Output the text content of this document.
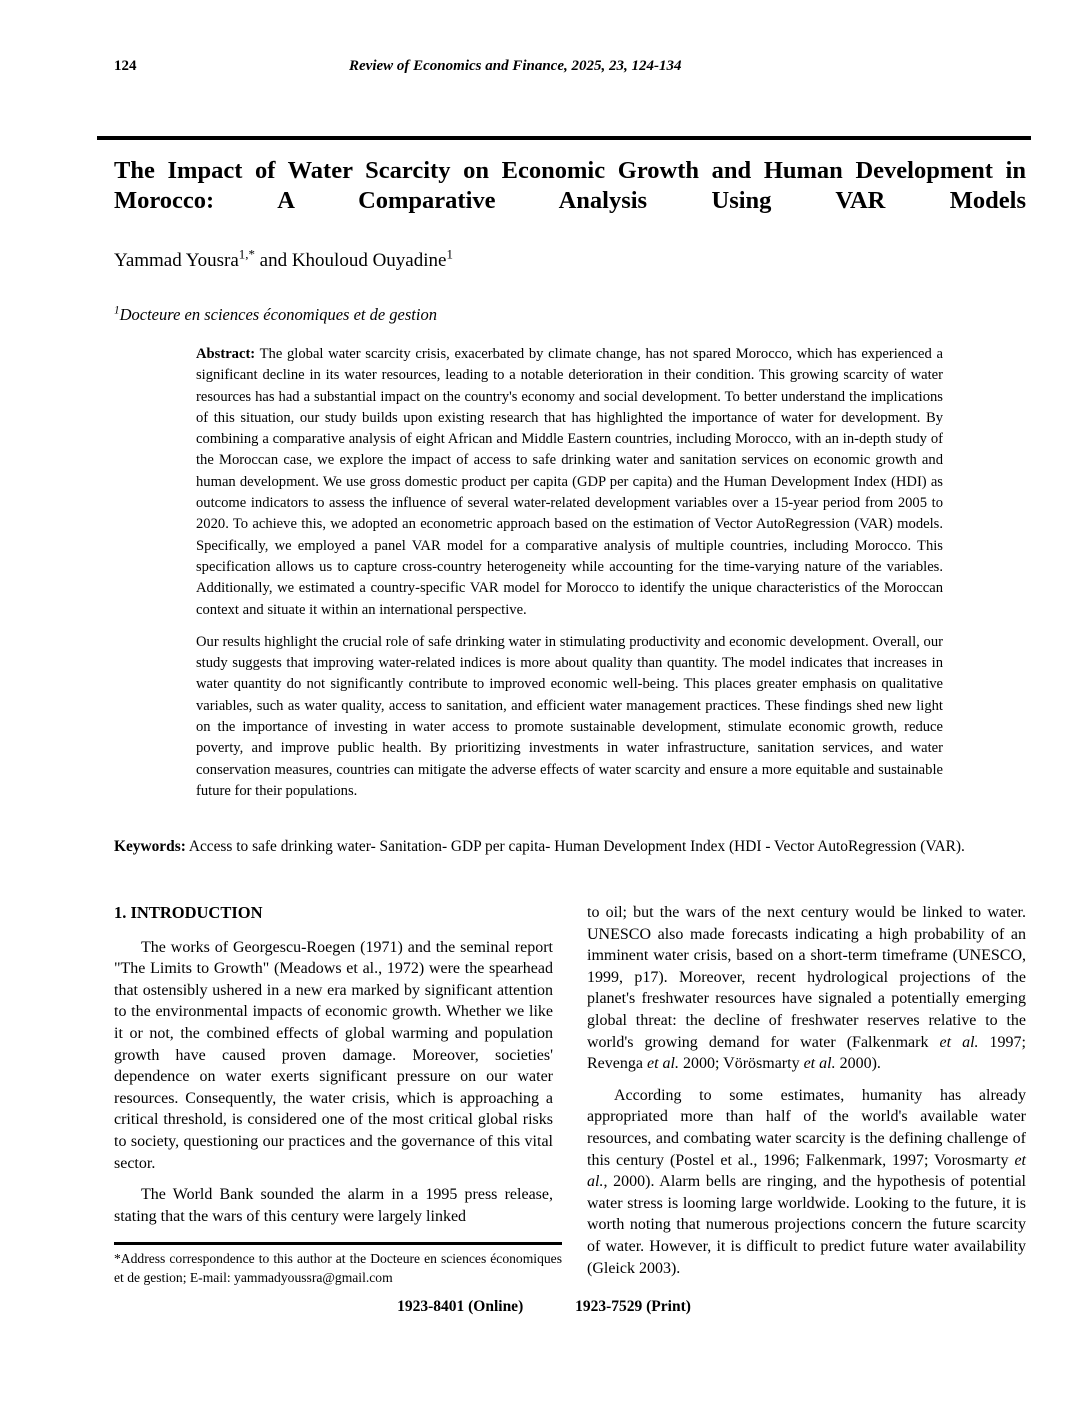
124	Review of Economics and Finance, 2025, 23, 124-134
The Impact of Water Scarcity on Economic Growth and Human Development in Morocco: A Comparative Analysis Using VAR Models
Yammad Yousra$^{1,*}$ and Khouloud Ouyadine$^1$
$^1$Docteure en sciences économiques et de gestion

Abstract: The global water scarcity crisis, exacerbated by climate change, has not spared Morocco, which has experienced a significant decline in its water resources, leading to a notable deterioration in their condition. This growing scarcity of water resources has had a substantial impact on the country's economy and social development. To better understand the implications of this situation, our study builds upon existing research that has highlighted the importance of water for development. By combining a comparative analysis of eight African and Middle Eastern countries, including Morocco, with an in-depth study of the Moroccan case, we explore the impact of access to safe drinking water and sanitation services on economic growth and human development. We use gross domestic product per capita (GDP per capita) and the Human Development Index (HDI) as outcome indicators to assess the influence of several water-related development variables over a 15-year period from 2005 to 2020. To achieve this, we adopted an econometric approach based on the estimation of Vector AutoRegression (VAR) models. Specifically, we employed a panel VAR model for a comparative analysis of multiple countries, including Morocco. This specification allows us to capture cross-country heterogeneity while accounting for the time-varying nature of the variables. Additionally, we estimated a country-specific VAR model for Morocco to identify the unique characteristics of the Moroccan context and situate it within an international perspective.

Our results highlight the crucial role of safe drinking water in stimulating productivity and economic development. Overall, our study suggests that improving water-related indices is more about quality than quantity. The model indicates that increases in water quantity do not significantly contribute to improved economic well-being. This places greater emphasis on qualitative variables, such as water quality, access to sanitation, and efficient water management practices. These findings shed new light on the importance of investing in water access to promote sustainable development, stimulate economic growth, reduce poverty, and improve public health. By prioritizing investments in water infrastructure, sanitation services, and water conservation measures, countries can mitigate the adverse effects of water scarcity and ensure a more equitable and sustainable future for their populations.

Keywords: Access to safe drinking water- Sanitation- GDP per capita- Human Development Index (HDI - Vector AutoRegression (VAR).
1. INTRODUCTION

The works of Georgescu-Roegen (1971) and the seminal report "The Limits to Growth" (Meadows et al., 1972) were the spearhead that ostensibly ushered in a new era marked by significant attention to the environmental impacts of economic growth. Whether we like it or not, the combined effects of global warming and population growth have caused proven damage. Moreover, societies' dependence on water exerts significant pressure on our water resources. Consequently, the water crisis, which is approaching a critical threshold, is considered one of the most critical global risks to society, questioning our practices and the governance of this vital sector.

The World Bank sounded the alarm in a 1995 press release, stating that the wars of this century were largely linked

to oil; but the wars of the next century would be linked to water. UNESCO also made forecasts indicating a high probability of an imminent water crisis, based on a short-term timeframe (UNESCO, 1999, p17). Moreover, recent hydrological projections of the planet's freshwater resources have signaled a potentially emerging global threat: the decline of freshwater reserves relative to the world's growing demand for water (Falkenmark et al. 1997; Revenga et al. 2000; Vörösmarty et al. 2000).

According to some estimates, humanity has already appropriated more than half of the world's available water resources, and combating water scarcity is the defining challenge of this century (Postel et al., 1996; Falkenmark, 1997; Vorosmarty et al., 2000). Alarm bells are ringing, and the hypothesis of potential water stress is looming large worldwide. Looking to the future, it is worth noting that numerous projections concern the future scarcity of water. However, it is difficult to predict future water availability (Gleick 2003).

*Address correspondence to this author at the Docteure en sciences économiques et de gestion; E-mail: yammadyoussra@gmail.com
1923-8401 (Online)	1923-7529 (Print)
